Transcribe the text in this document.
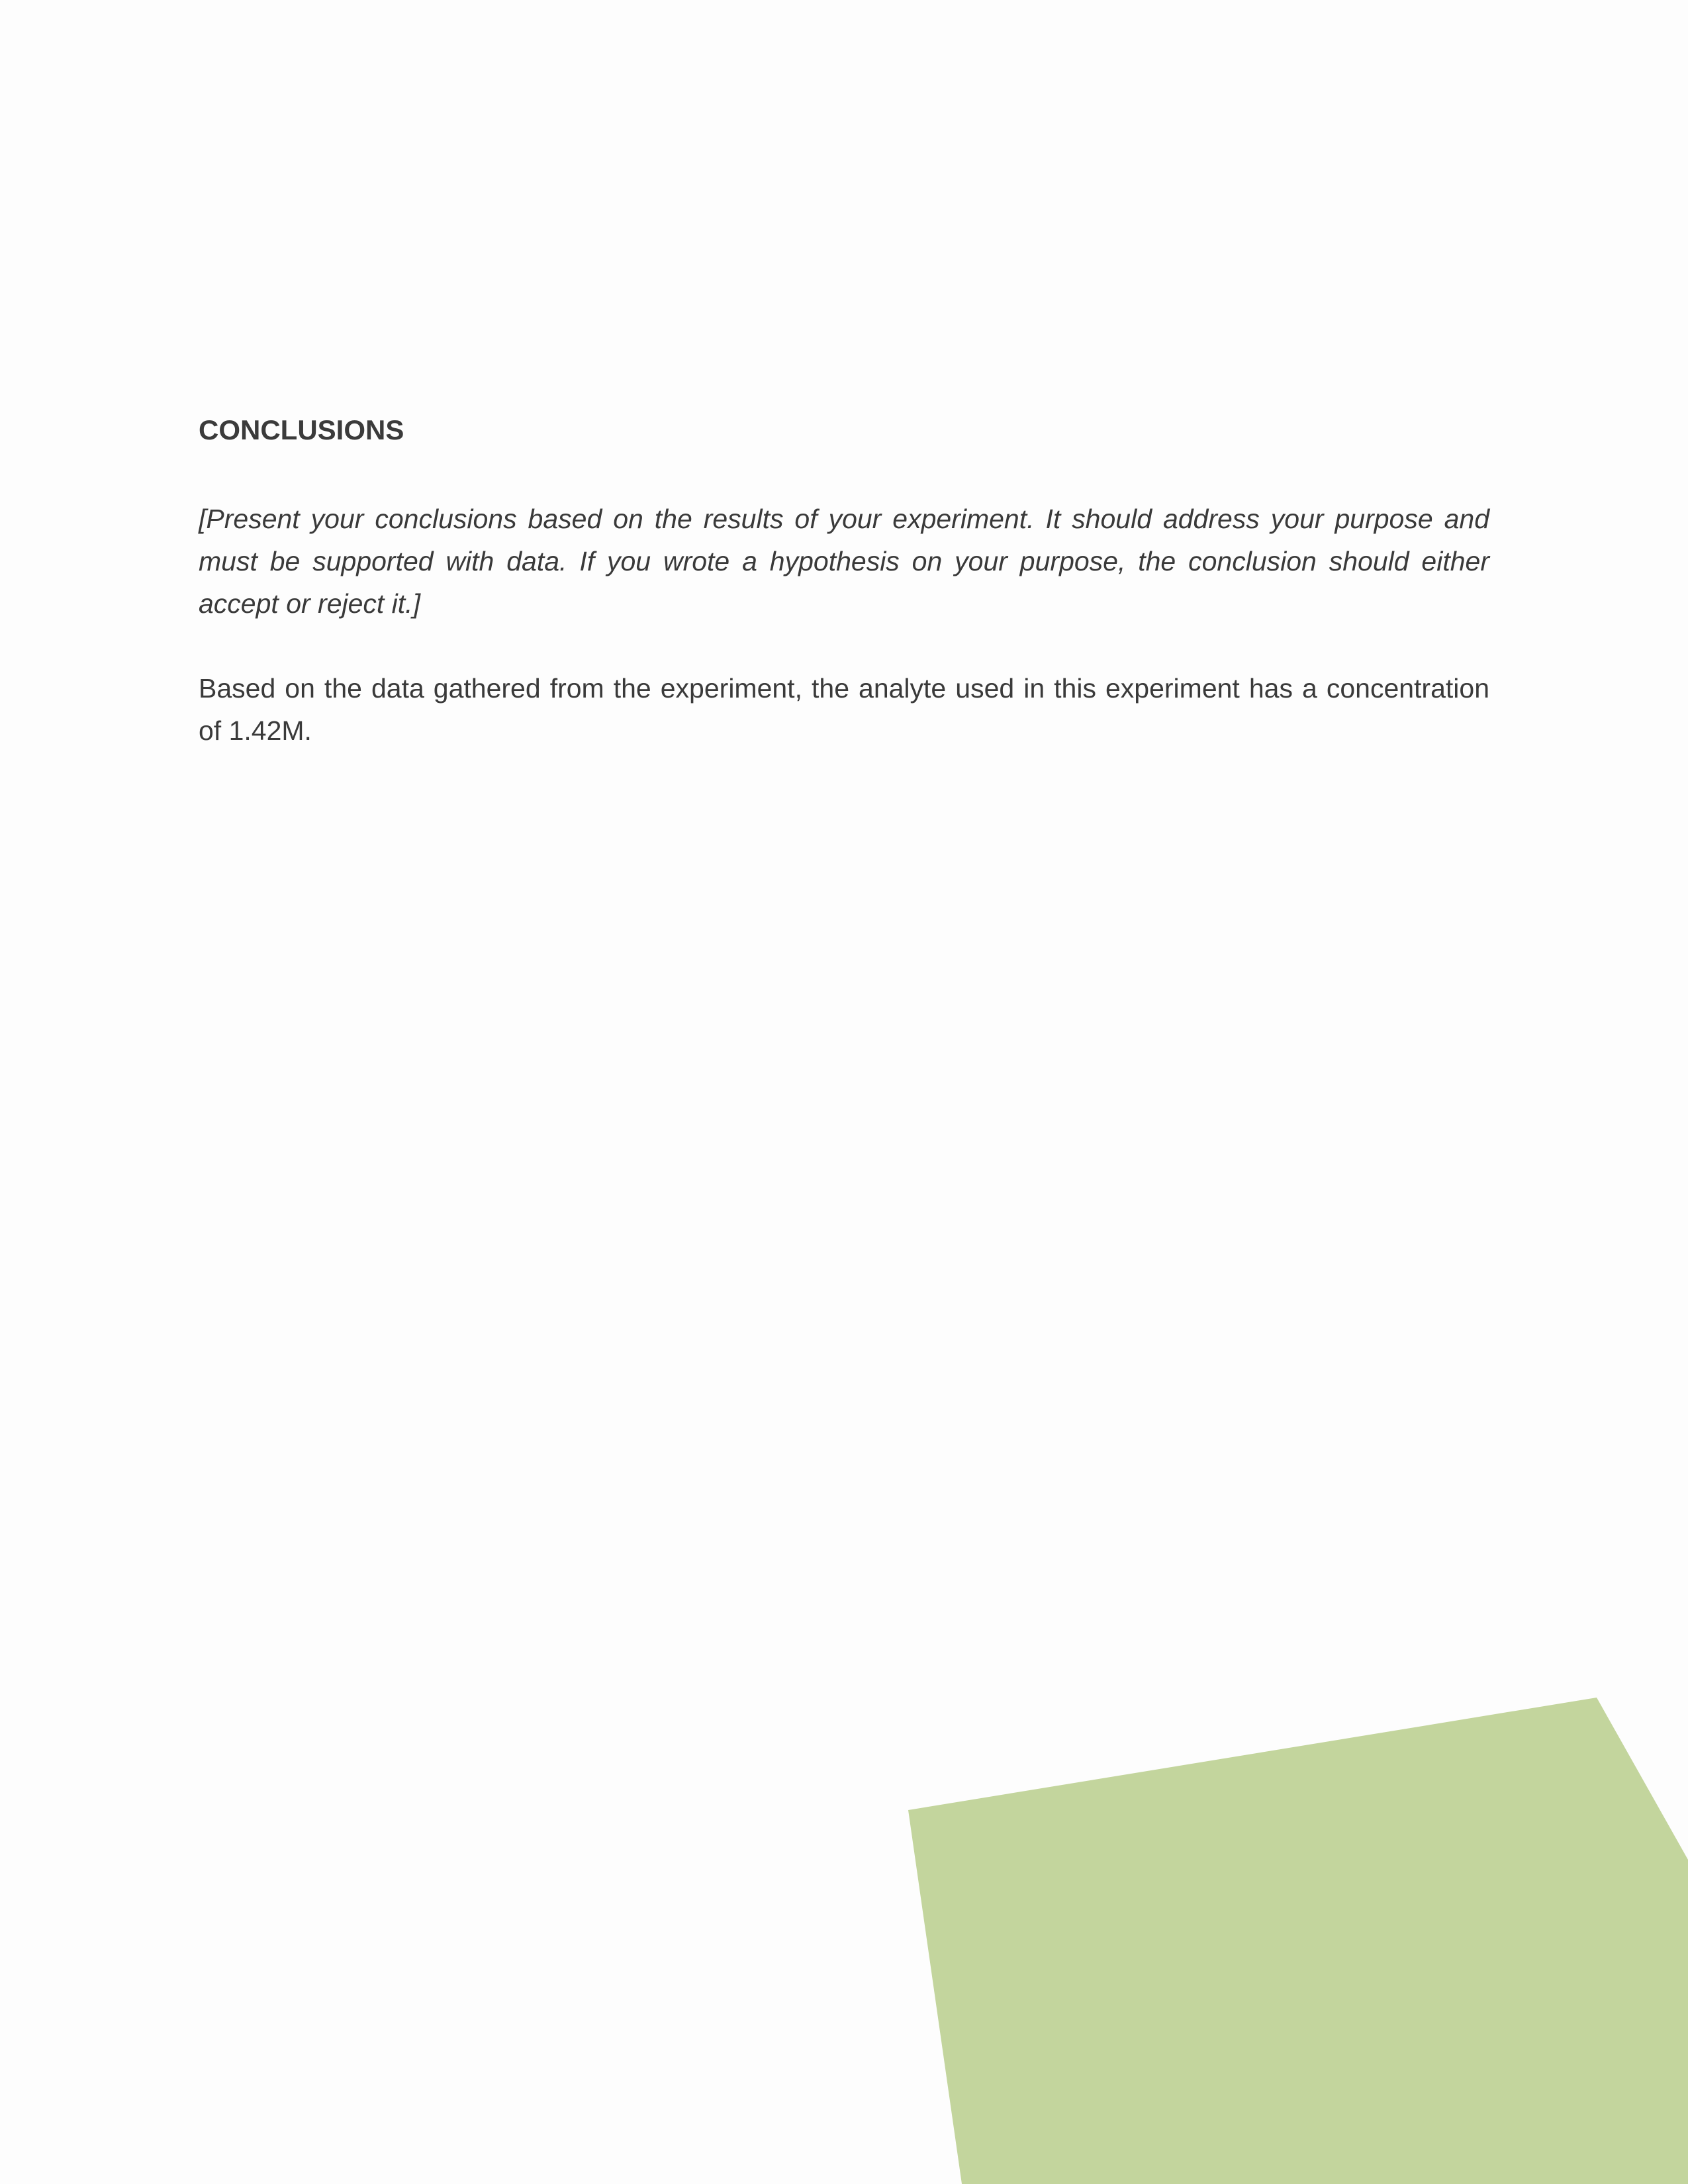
CONCLUSIONS

[Present your conclusions based on the results of your experiment. It should address your purpose and must be supported with data. If you wrote a hypothesis on your purpose, the conclusion should either accept or reject it.]

Based on the data gathered from the experiment, the analyte used in this experiment has a concentration of 1.42M.
